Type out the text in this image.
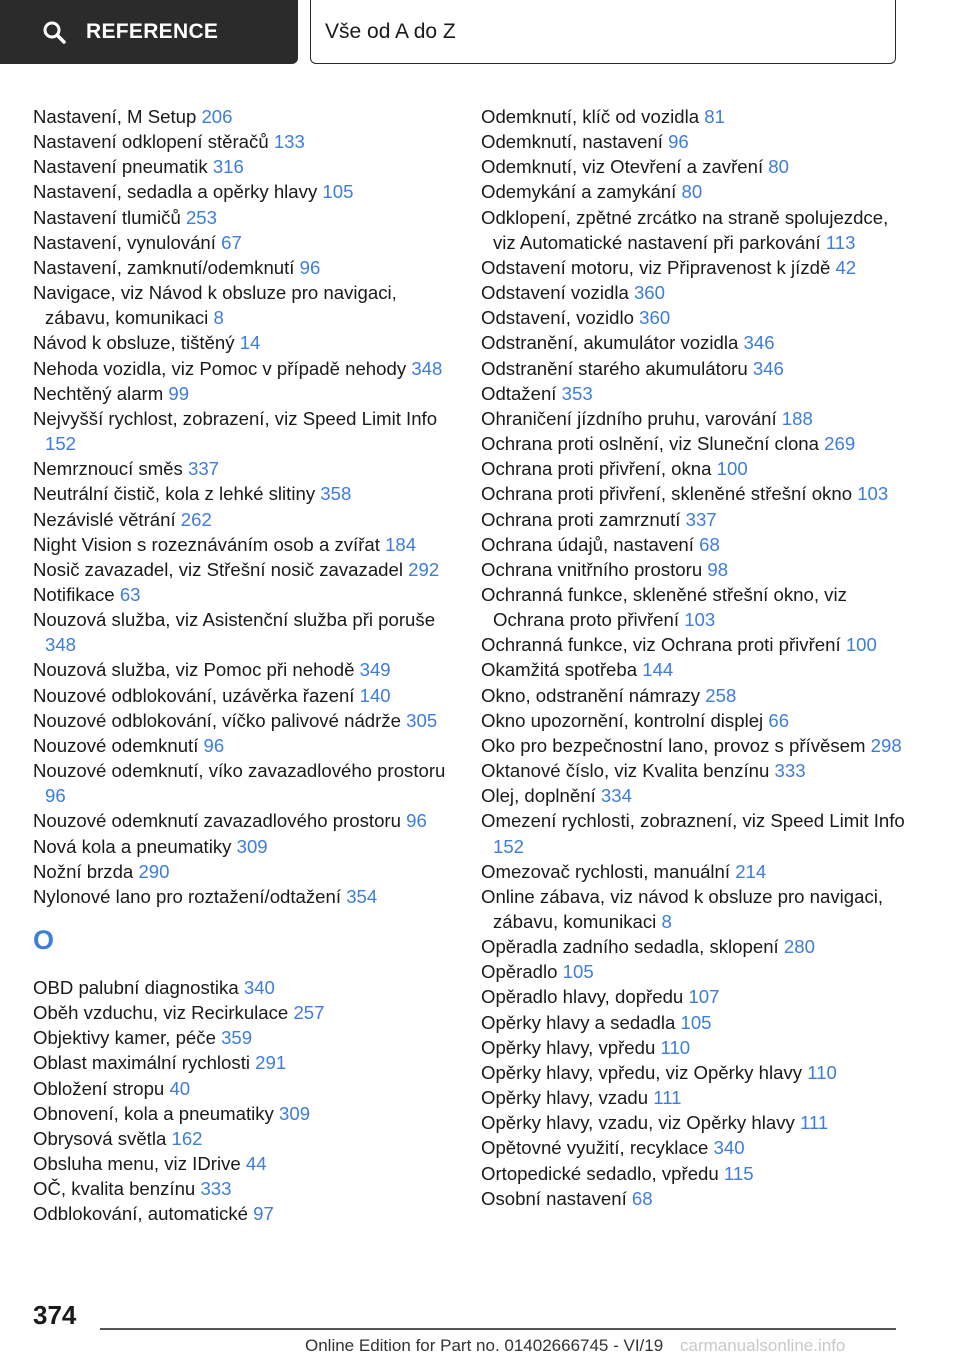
REFERENCE	Vše od A do Z
Nastavení, M Setup 206
Nastavení odklopení stěračů 133
Nastavení pneumatik 316
Nastavení, sedadla a opěrky hlavy 105
Nastavení tlumičů 253
Nastavení, vynulování 67
Nastavení, zamknutí/odemknutí 96
Navigace, viz Návod k obsluze pro navigaci, zábavu, komunikaci 8
Návod k obsluze, tištěný 14
Nehoda vozidla, viz Pomoc v případě nehody 348
Nechtěný alarm 99
Nejvyšší rychlost, zobrazení, viz Speed Limit Info 152
Nemrznoucí směs 337
Neutrální čistič, kola z lehké slitiny 358
Nezávislé větrání 262
Night Vision s rozeznáváním osob a zvířat 184
Nosič zavazadel, viz Střešní nosič zavazadel 292
Notifikace 63
Nouzová služba, viz Asistenční služba při poruše 348
Nouzová služba, viz Pomoc při nehodě 349
Nouzové odblokování, uzávěrka řazení 140
Nouzové odblokování, víčko palivové nádrže 305
Nouzové odemknutí 96
Nouzové odemknutí, víko zavazadlového prostoru 96
Nouzové odemknutí zavazadlového prostoru 96
Nová kola a pneumatiky 309
Nožní brzda 290
Nylonové lano pro roztažení/odtažení 354
O
OBD palubní diagnostika 340
Oběh vzduchu, viz Recirkulace 257
Objektivy kamer, péče 359
Oblast maximální rychlosti 291
Obložení stropu 40
Obnovení, kola a pneumatiky 309
Obrysová světla 162
Obsluha menu, viz IDrive 44
OČ, kvalita benzínu 333
Odblokování, automatické 97
Odemknutí, klíč od vozidla 81
Odemknutí, nastavení 96
Odemknutí, viz Otevření a zavření 80
Odemykání a zamykání 80
Odklopení, zpětné zrcátko na straně spolujezdce, viz Automatické nastavení při parkování 113
Odstavení motoru, viz Připravenost k jízdě 42
Odstavení vozidla 360
Odstavení, vozidlo 360
Odstranění, akumulátor vozidla 346
Odstranění starého akumulátoru 346
Odtažení 353
Ohraničení jízdního pruhu, varování 188
Ochrana proti oslnění, viz Sluneční clona 269
Ochrana proti přivření, okna 100
Ochrana proti přivření, skleněné střešní okno 103
Ochrana proti zamrznutí 337
Ochrana údajů, nastavení 68
Ochrana vnitřního prostoru 98
Ochranná funkce, skleněné střešní okno, viz Ochrana proto přivření 103
Ochranná funkce, viz Ochrana proti přivření 100
Okamžitá spotřeba 144
Okno, odstranění námrazy 258
Okno upozornění, kontrolní displej 66
Oko pro bezpečnostní lano, provoz s přívěsem 298
Oktanové číslo, viz Kvalita benzínu 333
Olej, doplnění 334
Omezení rychlosti, zobraznení, viz Speed Limit Info 152
Omezovač rychlosti, manuální 214
Online zábava, viz návod k obsluze pro navigaci, zábavu, komunikaci 8
Opěradla zadního sedadla, sklopení 280
Opěradlo 105
Opěradlo hlavy, dopředu 107
Opěrky hlavy a sedadla 105
Opěrky hlavy, vpředu 110
Opěrky hlavy, vpředu, viz Opěrky hlavy 110
Opěrky hlavy, vzadu 111
Opěrky hlavy, vzadu, viz Opěrky hlavy 111
Opětovné využití, recyklace 340
Ortopedické sedadlo, vpředu 115
Osobní nastavení 68
374
Online Edition for Part no. 01402666745 - VI/19 carmanualsonline.info
